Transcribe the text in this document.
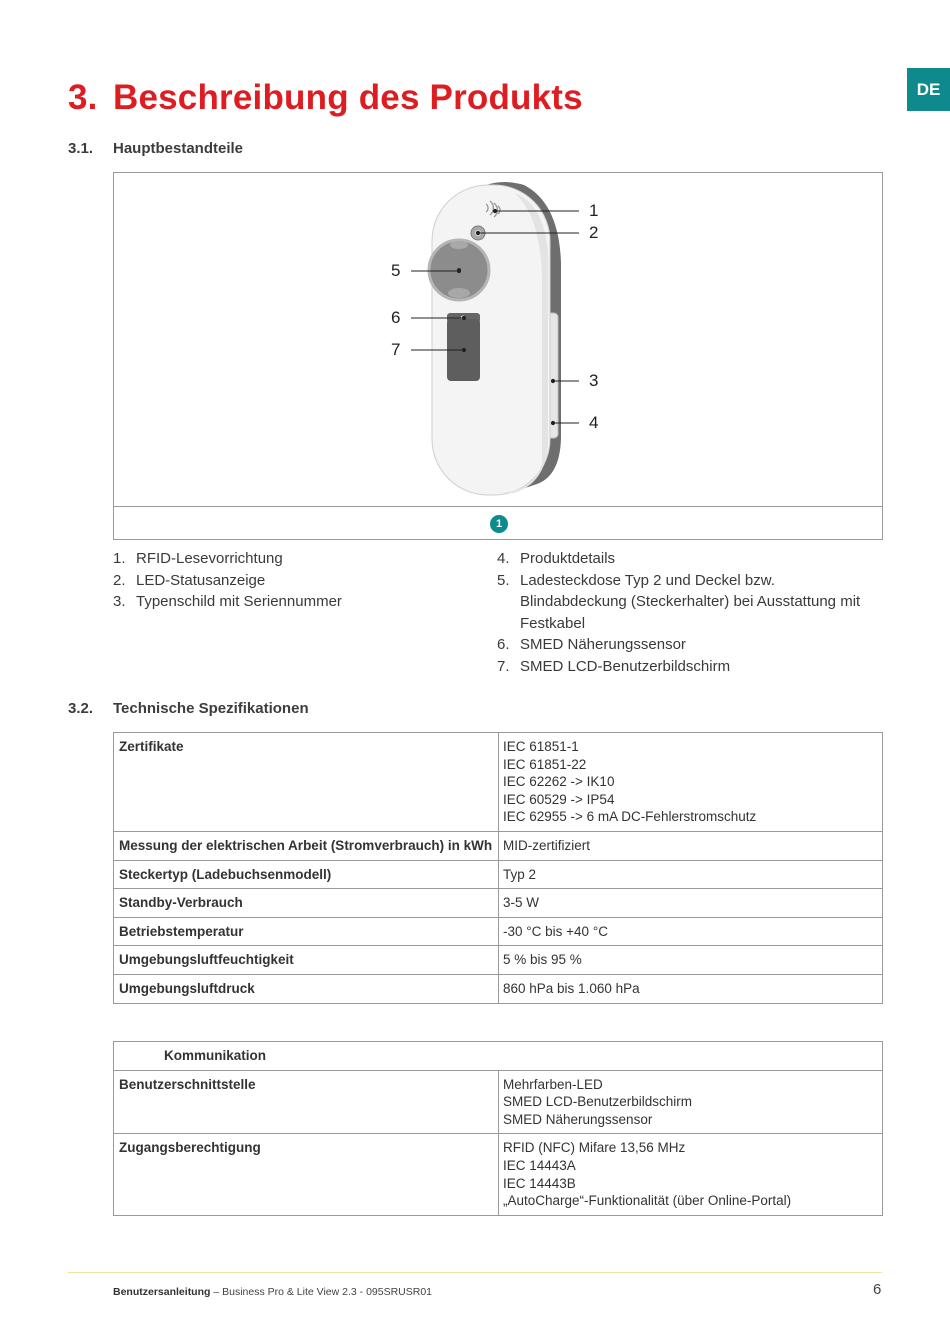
DE
3. Beschreibung des Produkts
3.1. Hauptbestandteile
1
2
3
4
5
6
7
1
1. RFID-Lesevorrichtung
2. LED-Statusanzeige
3. Typenschild mit Seriennummer
4. Produktdetails
5. Ladesteckdose Typ 2 und Deckel bzw. Blindabdeckung (Steckerhalter) bei Ausstattung mit Festkabel
6. SMED Näherungssensor
7. SMED LCD-Benutzerbildschirm
3.2. Technische Spezifikationen
Zertifikate	IEC 61851-1
IEC 61851-22
IEC 62262 -> IK10
IEC 60529 -> IP54
IEC 62955 -> 6 mA DC-Fehlerstromschutz

Messung der elektrischen Arbeit (Stromverbrauch) in kWh	MID-zertifiziert

Steckertyp (Ladebuchsenmodell)	Typ 2

Standby-Verbrauch	3-5 W

Betriebstemperatur	-30 °C bis +40 °C

Umgebungsluftfeuchtigkeit	5 % bis 95 %

Umgebungsluftdruck	860 hPa bis 1.060 hPa
Kommunikation	
Benutzerschnittstelle	Mehrfarben-LED
SMED LCD-Benutzerbildschirm
SMED Näherungssensor

Zugangsberechtigung	RFID (NFC) Mifare 13,56 MHz
IEC 14443A
IEC 14443B
„AutoCharge“-Funktionalität (über Online-Portal)
Benutzersanleitung – Business Pro & Lite View 2.3 - 095SRUSR01	6
